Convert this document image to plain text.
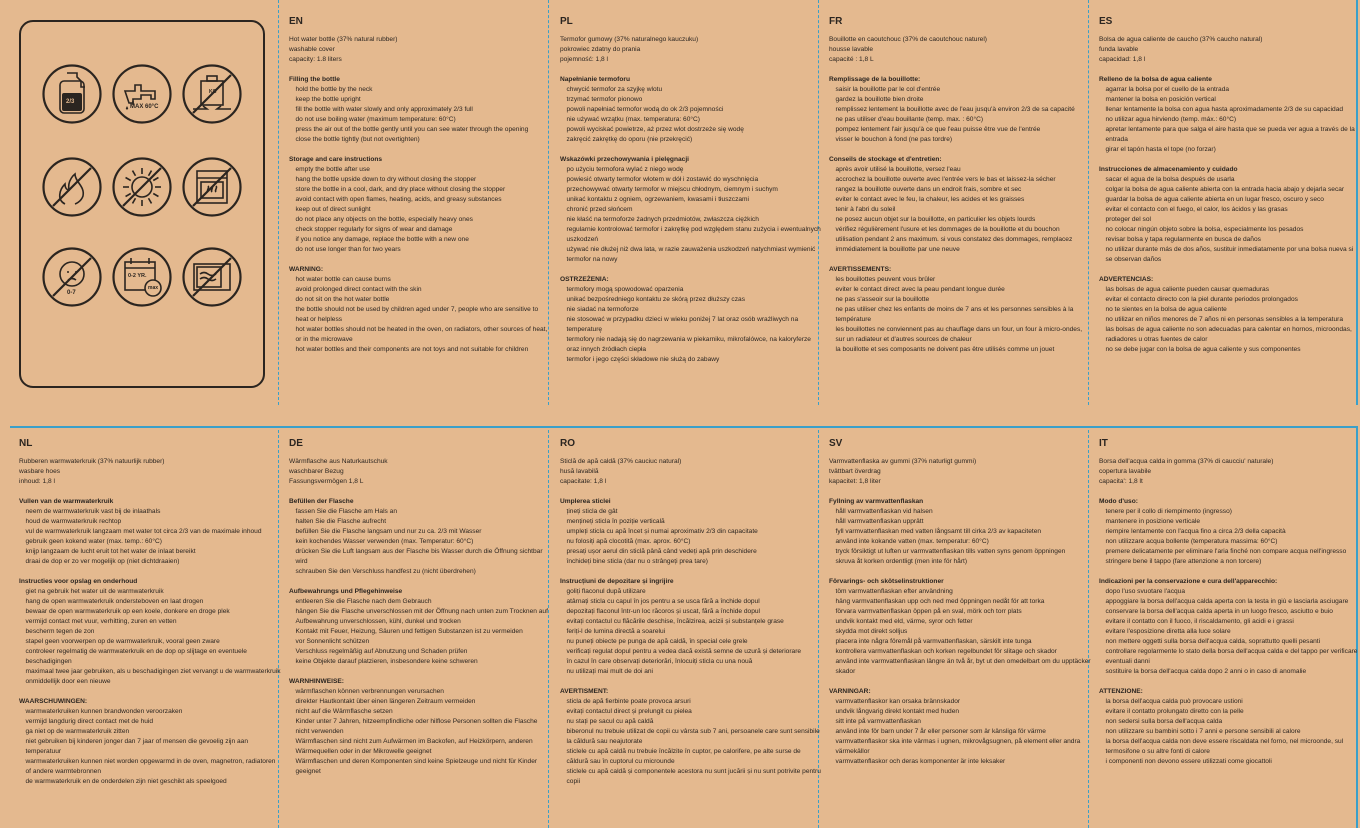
2/3
MAX 60°C
KG
0-7
0-2 YR.
max
EN
Hot water bottle (37% natural rubber)
washable cover
capacity: 1.8 liters
Filling the bottle
hold the bottle by the neck
keep the bottle upright
fill the bottle with water slowly and only approximately 2/3 full
do not use boiling water (maximum temperature: 60°C)
press the air out of the bottle gently until you can see water through the opening
close the bottle tightly (but not overtighten)
Storage and care instructions
empty the bottle after use
hang the bottle upside down to dry without closing the stopper
store the bottle in a cool, dark, and dry place without closing the stopper
avoid contact with open flames, heating, acids, and greasy substances
keep out of direct sunlight
do not place any objects on the bottle, especially heavy ones
check stopper regularly for signs of wear and damage
if you notice any damage, replace the bottle with a new one
do not use longer than for two years
WARNING:
hot water bottle can cause burns
avoid prolonged direct contact with the skin
do not sit on the hot water bottle
the bottle should not be used by children aged under 7, people who are sensitive to heat or helpless
hot water bottles should not be heated in the oven, on radiators, other sources of heat, or in the microwave
hot water bottles and their components are not toys and not suitable for children
PL
Termofor gumowy (37% naturalnego kauczuku)
pokrowiec zdatny do prania
pojemność: 1,8 l
Napełnianie termoforu
chwycić termofor za szyjkę wlotu
trzymać termofor pionowo
powoli napełniać termofor wodą do ok 2/3 pojemności
nie używać wrzątku (max. temperatura: 60°C)
powoli wyciskać powietrze, aż przez wlot dostrzeże się wodę
zakręcić zakrętkę do oporu (nie przekręcić)
Wskazówki przechowywania i pielęgnacji
po użyciu termofora wylać z niego wodę
powiesić otwarty termofor wlotem w dół i zostawić do wyschnięcia
przechowywać otwarty termofor w miejscu chłodnym, ciemnym i suchym
unikać kontaktu z ogniem, ogrzewaniem, kwasami i tłuszczami
chronić przed słońcem
nie kłaść na termoforze żadnych przedmiotów, zwłaszcza ciężkich
regularnie kontrolować termofor i zakrętkę pod względem stanu zużycia i ewentualnych uszkodzeń
używać nie dłużej niż dwa lata, w razie zauważenia uszkodzeń natychmiast wymienić termofor na nowy
OSTRZEŻENIA:
termofory mogą spowodować oparzenia
unikać bezpośredniego kontaktu ze skórą przez dłuższy czas
nie siadać na termoforze
nie stosować w przypadku dzieci w wieku poniżej 7 lat oraz osób wrażliwych na temperaturę
termofory nie nadają się do nagrzewania w piekarniku, mikrofalówce, na kaloryferze oraz innych źródłach ciepła
termofor i jego części składowe nie służą do zabawy
FR
Bouillotte en caoutchouc (37% de caoutchouc naturel)
housse lavable
capacité : 1,8 L
Remplissage de la bouillotte:
saisir la bouillotte par le col d'entrée
gardez la bouillotte bien droite
remplissez lentement la bouillotte avec de l'eau jusqu'à environ 2/3 de sa capacité
ne pas utiliser d'eau bouillante (temp. max. : 60°C)
pompez lentement l'air jusqu'à ce que l'eau puisse être vue de l'entrée
visser le bouchon à fond (ne pas tordre)
Conseils de stockage et d'entretien:
après avoir utilisé la bouillotte, versez l'eau
accrochez la bouillotte ouverte avec l'entrée vers le bas et laissez-la sécher
rangez la bouillotte ouverte dans un endroit frais, sombre et sec
eviter le contact avec le feu, la chaleur, les acides et les graisses
tenir à l'abri du soleil
ne posez aucun objet sur la bouillotte, en particulier les objets lourds
vérifiez régulièrement l'usure et les dommages de la bouillotte et du bouchon
utilisation pendant 2 ans maximum. si vous constatez des dommages, remplacez immédiatement la bouillotte par une neuve
AVERTISSEMENTS:
les bouillottes peuvent vous brûler
eviter le contact direct avec la peau pendant longue durée
ne pas s'asseoir sur la bouillotte
ne pas utiliser chez les enfants de moins de 7 ans et les personnes sensibles à la température
les bouillottes ne conviennent pas au chauffage dans un four, un four à micro-ondes, sur un radiateur et d'autres sources de chaleur
la bouillotte et ses composants ne doivent pas être utilisés comme un jouet
ES
Bolsa de agua caliente de caucho (37% caucho natural)
funda lavable
capacidad: 1,8 l
Relleno de la bolsa de agua caliente
agarrar la bolsa por el cuello de la entrada
mantener la bolsa en posición vertical
llenar lentamente la bolsa con agua hasta aproximadamente 2/3 de su capacidad
no utilizar agua hirviendo (temp. máx.: 60°C)
apretar lentamente para que salga el aire hasta que se pueda ver agua a través de la entrada
girar el tapón hasta el tope (no forzar)
Instrucciones de almacenamiento y cuidado
sacar el agua de la bolsa después de usarla
colgar la bolsa de agua caliente abierta con la entrada hacia abajo y dejarla secar
guardar la bolsa de agua caliente abierta en un lugar fresco, oscuro y seco
evitar el contacto con el fuego, el calor, los ácidos y las grasas
proteger del sol
no colocar ningún objeto sobre la bolsa, especialmente los pesados
revisar bolsa y tapa regularmente en busca de daños
no utilizar durante más de dos años, sustituir inmediatamente por una bolsa nueva si se observan daños
ADVERTENCIAS:
las bolsas de agua caliente pueden causar quemaduras
evitar el contacto directo con la piel durante periodos prolongados
no te sientes en la bolsa de agua caliente
no utilizar en niños menores de 7 años ni en personas sensibles a la temperatura
las bolsas de agua caliente no son adecuadas para calentar en hornos, microondas, radiadores u otras fuentes de calor
no se debe jugar con la bolsa de agua caliente y sus componentes
NL
Rubberen warmwaterkruik (37% natuurlijk rubber)
wasbare hoes
inhoud: 1,8 l
Vullen van de warmwaterkruik
neem de warmwaterkruik vast bij de inlaathals
houd de warmwaterkruik rechtop
vul de warmwaterkruik langzaam met water tot circa 2/3 van de maximale inhoud
gebruik geen kokend water (max. temp.: 60°C)
knijp langzaam de lucht eruit tot het water de inlaat bereikt
draai de dop er zo ver mogelijk op (niet dichtdraaien)
Instructies voor opslag en onderhoud
giet na gebruik het water uit de warmwaterkruik
hang de open warmwaterkruik ondersteboven en laat drogen
bewaar de open warmwaterkruik op een koele, donkere en droge plek
vermijd contact met vuur, verhitting, zuren en vetten
bescherm tegen de zon
stapel geen voorwerpen op de warmwaterkruik, vooral geen zware
controleer regelmatig de warmwaterkruik en de dop op slijtage en eventuele beschadigingen
maximaal twee jaar gebruiken, als u beschadigingen ziet vervangt u de warmwaterkruik onmiddellijk door een nieuwe
WAARSCHUWINGEN:
warmwaterkruiken kunnen brandwonden veroorzaken
vermijd langdurig direct contact met de huid
ga niet op de warmwaterkruik zitten
niet gebruiken bij kinderen jonger dan 7 jaar of mensen die gevoelig zijn aan temperatuur
warmwaterkruiken kunnen niet worden opgewarmd in de oven, magnetron, radiatoren of andere warmtebronnen
de warmwaterkruik en de onderdelen zijn niet geschikt als speelgoed
DE
Wärmflasche aus Naturkautschuk
waschbarer Bezug
Fassungsvermögen 1,8 L
Befüllen der Flasche
fassen Sie die Flasche am Hals an
halten Sie die Flasche aufrecht
befüllen Sie die Flasche langsam und nur zu ca. 2/3 mit Wasser
kein kochendes Wasser verwenden (max. Temperatur: 60°C)
drücken Sie die Luft langsam aus der Flasche bis Wasser durch die Öffnung sichtbar wird
schrauben Sie den Verschluss handfest zu (nicht überdrehen)
Aufbewahrungs und Pflegehinweise
entleeren Sie die Flasche nach dem Gebrauch
hängen Sie die Flasche unverschlossen mit der Öffnung nach unten zum Trocknen auf
Aufbewahrung unverschlossen, kühl, dunkel und trocken
Kontakt mit Feuer, Heizung, Säuren und fettigen Substanzen ist zu vermeiden
vor Sonnenlicht schützen
Verschluss regelmäßig auf Abnutzung und Schaden prüfen
keine Objekte darauf platzieren, insbesondere keine schweren
WARNHINWEISE:
wärmflaschen können verbrennungen verursachen
direkter Hautkontakt über einen längeren Zeitraum vermeiden
nicht auf die Wärmflasche setzen
Kinder unter 7 Jahren, hitzeempfindliche oder hilflose Personen sollten die Flasche nicht verwenden
Wärmflaschen sind nicht zum Aufwärmen im Backofen, auf Heizkörpern, anderen Wärmequellen oder in der Mikrowelle geeignet
Wärmflaschen und deren Komponenten sind keine Spielzeuge und nicht für Kinder geeignet
RO
Sticlă de apă caldă (37% cauciuc natural)
husă lavabilă
capacitate: 1,8 l
Umplerea sticlei
țineți sticla de gât
mențineți sticla în poziție verticală
umpleți sticla cu apă încet și numai aproximativ 2/3 din capacitate
nu folosiți apă clocotită (max. aprox. 60°C)
presați ușor aerul din sticlă până când vedeți apă prin deschidere
închideți bine sticla (dar nu o strângeți prea tare)
Instrucțiuni de depozitare și îngrijire
goliți flaconul după utilizare
atârnați sticla cu capul în jos pentru a se usca fără a închide dopul
depozitați flaconul într-un loc răcoros și uscat, fără a închide dopul
evitați contactul cu flăcările deschise, încălzirea, acizii și substanțele grase
feriți-l de lumina directă a soarelui
nu puneți obiecte pe punga de apă caldă, în special cele grele
verificați regulat dopul pentru a vedea dacă există semne de uzură și deteriorare
în cazul în care observați deteriorări, înlocuiți sticla cu una nouă
nu utilizați mai mult de doi ani
AVERTISMENT:
sticla de apă fierbinte poate provoca arsuri
evitați contactul direct și prelungit cu pielea
nu stați pe sacul cu apă caldă
biberonul nu trebuie utilizat de copii cu vârsta sub 7 ani, persoanele care sunt sensibile la căldură sau neajutorate
sticlele cu apă caldă nu trebuie încălzite în cuptor, pe calorifere, pe alte surse de căldură sau în cuptorul cu microunde
sticlele cu apă caldă și componentele acestora nu sunt jucării și nu sunt potrivite pentru copii
SV
Varmvattenflaska av gummi (37% naturligt gummi)
tvättbart överdrag
kapacitet: 1,8 liter
Fyllning av varmvattenflaskan
håll varmvattenflaskan vid halsen
håll varmvattenflaskan upprätt
fyll varmvattenflaskan med vatten långsamt till cirka 2/3 av kapaciteten
använd inte kokande vatten (max. temperatur: 60°C)
tryck försiktigt ut luften ur varmvattenflaskan tills vatten syns genom öppningen
skruva åt korken ordentligt (men inte för hårt)
Förvarings- och skötselinstruktioner
töm varmvattenflaskan efter användning
häng varmvattenflaskan upp och ned med öppningen nedåt för att torka
förvara varmvattenflaskan öppen på en sval, mörk och torr plats
undvik kontakt med eld, värme, syror och fetter
skydda mot direkt solljus
placera inte några föremål på varmvattenflaskan, särskilt inte tunga
kontrollera varmvattenflaskan och korken regelbundet för slitage och skador
använd inte varmvattenflaskan längre än två år, byt ut den omedelbart om du upptäcker skador
VARNINGAR:
varmvattenflaskor kan orsaka brännskador
undvik långvarig direkt kontakt med huden
sitt inte på varmvattenflaskan
använd inte för barn under 7 år eller personer som är känsliga för värme
varmvattenflaskor ska inte värmas i ugnen, mikrovågsugnen, på element eller andra värmekällor
varmvattenflaskor och deras komponenter är inte leksaker
IT
Borsa dell'acqua calda in gomma (37% di caucciu' naturale)
copertura lavabile
capacita': 1,8 lt
Modo d'uso:
tenere per il collo di riempimento (ingresso)
mantenere in posizione verticale
riempire lentamente con l'acqua fino a circa 2/3 della capacità
non utilizzare acqua bollente (temperatura massima: 60°C)
premere delicatamente per eliminare l'aria finché non compare acqua nell'ingresso
stringere bene il tappo (fare attenzione a non torcere)
Indicazioni per la conservazione e cura dell'apparecchio:
dopo l'uso svuotare l'acqua
appoggiare la borsa dell'acqua calda aperta con la testa in giù e lasciarla asciugare
conservare la borsa dell'acqua calda aperta in un luogo fresco, asciutto e buio
evitare il contatto con il fuoco, il riscaldamento, gli acidi e i grassi
evitare l'esposizione diretta alla luce solare
non mettere oggetti sulla borsa dell'acqua calda, soprattutto quelli pesanti
controllare regolarmente lo stato della borsa dell'acqua calda e del tappo per verificare eventuali danni
sostituire la borsa dell'acqua calda dopo 2 anni o in caso di anomalie
ATTENZIONE:
la borsa dell'acqua calda può provocare ustioni
evitare il contatto prolungato diretto con la pelle
non sedersi sulla borsa dell'acqua calda
non utilizzare su bambini sotto i 7 anni e persone sensibili al calore
la borsa dell'acqua calda non deve essere riscaldata nel forno, nel microonde, sul termosifone o su altre fonti di calore
i componenti non devono essere utilizzati come giocattoli
